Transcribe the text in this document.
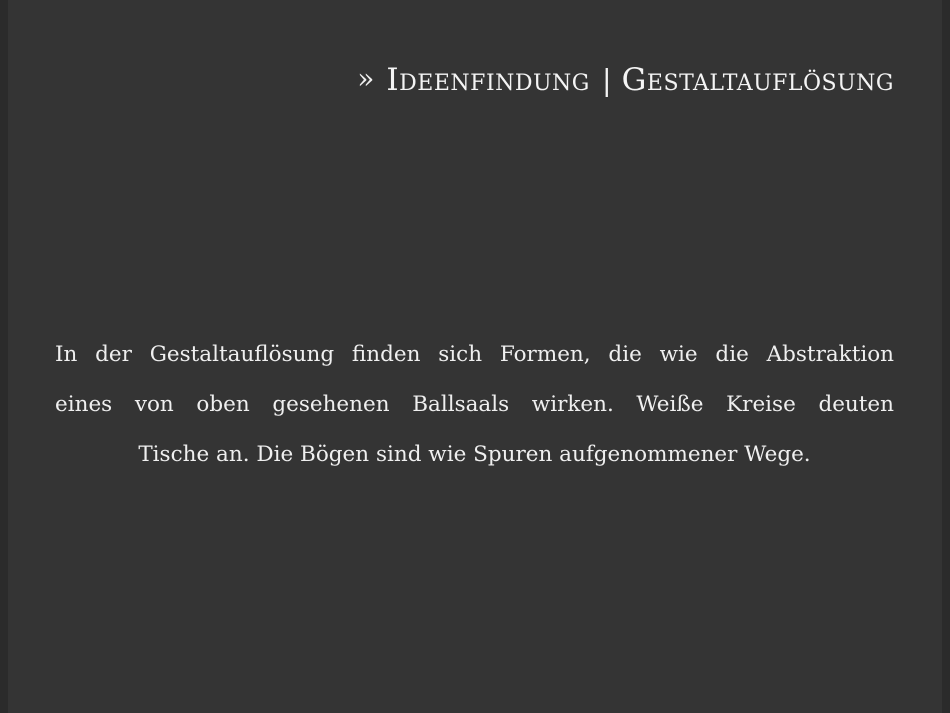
» Ideenfindung | Gestaltauflösung

In der Gestaltauflösung finden sich Formen, die wie die Abstraktion
eines von oben gesehenen Ballsaals wirken. Weiße Kreise deuten
Tische an. Die Bögen sind wie Spuren aufgenommener Wege.
